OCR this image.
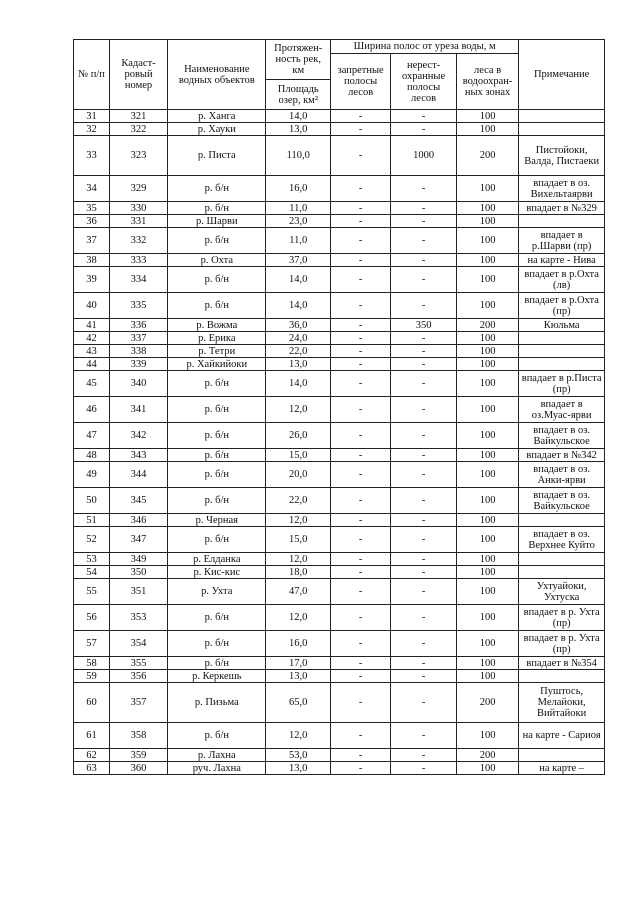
№ п/п	Кадаст-ровый номер	Наименование водных объектов	Протяжен-ность рек, км	Ширина полос от уреза воды, м			Примечание
				запретные полосы лесов	нерест-охранные полосы лесов	леса в водоохран-ных зонах	
			Площадь озер, км²				
31	321	р. Ханга	14,0	-	-	100	
32	322	р. Хауки	13,0	-	-	100	
33	323	р. Писта	110,0	-	1000	200	Пистойоки, Валда, Пистаеки
34	329	р. б/н	16,0	-	-	100	впадает в оз. Вихельтаярви
35	330	р. б/н	11,0	-	-	100	впадает в №329
36	331	р. Шарви	23,0	-	-	100	
37	332	р. б/н	11,0	-	-	100	впадает в р.Шарви (пр)
38	333	р. Охта	37,0	-	-	100	на карте - Нива
39	334	р. б/н	14,0	-	-	100	впадает в р.Охта (лв)
40	335	р. б/н	14,0	-	-	100	впадает в р.Охта (пр)
41	336	р. Вожма	36,0	-	350	200	Кюльма
42	337	р. Ерика	24,0	-	-	100	
43	338	р. Тетри	22,0	-	-	100	
44	339	р. Хайкийоки	13,0	-	-	100	
45	340	р. б/н	14,0	-	-	100	впадает в р.Писта (пр)
46	341	р. б/н	12,0	-	-	100	впадает в оз.Муас-ярви
47	342	р. б/н	26,0	-	-	100	впадает в оз. Вайкульское
48	343	р. б/н	15,0	-	-	100	впадает в №342
49	344	р. б/н	20,0	-	-	100	впадает в оз. Анки-ярви
50	345	р. б/н	22,0	-	-	100	впадает в оз. Вайкульское
51	346	р. Черная	12,0	-	-	100	
52	347	р. б/н	15,0	-	-	100	впадает в оз. Верхнее Куйто
53	349	р. Елданка	12,0	-	-	100	
54	350	р. Кис-кис	18,0	-	-	100	
55	351	р. Ухта	47,0	-	-	100	Ухтуайоки, Ухтуска
56	353	р. б/н	12,0	-	-	100	впадает в р. Ухта (пр)
57	354	р. б/н	16,0	-	-	100	впадает в р. Ухта (пр)
58	355	р. б/н	17,0	-	-	100	впадает в №354
59	356	р. Керкешь	13,0	-	-	100	
60	357	р. Пизьма	65,0	-	-	200	Пуштось, Мелайоки, Вийтайоки
61	358	р. б/н	12,0	-	-	100	на карте - Сариоя
62	359	р. Лахна	53,0	-	-	200	
63	360	руч. Лахна	13,0	-	-	100	на карте –
